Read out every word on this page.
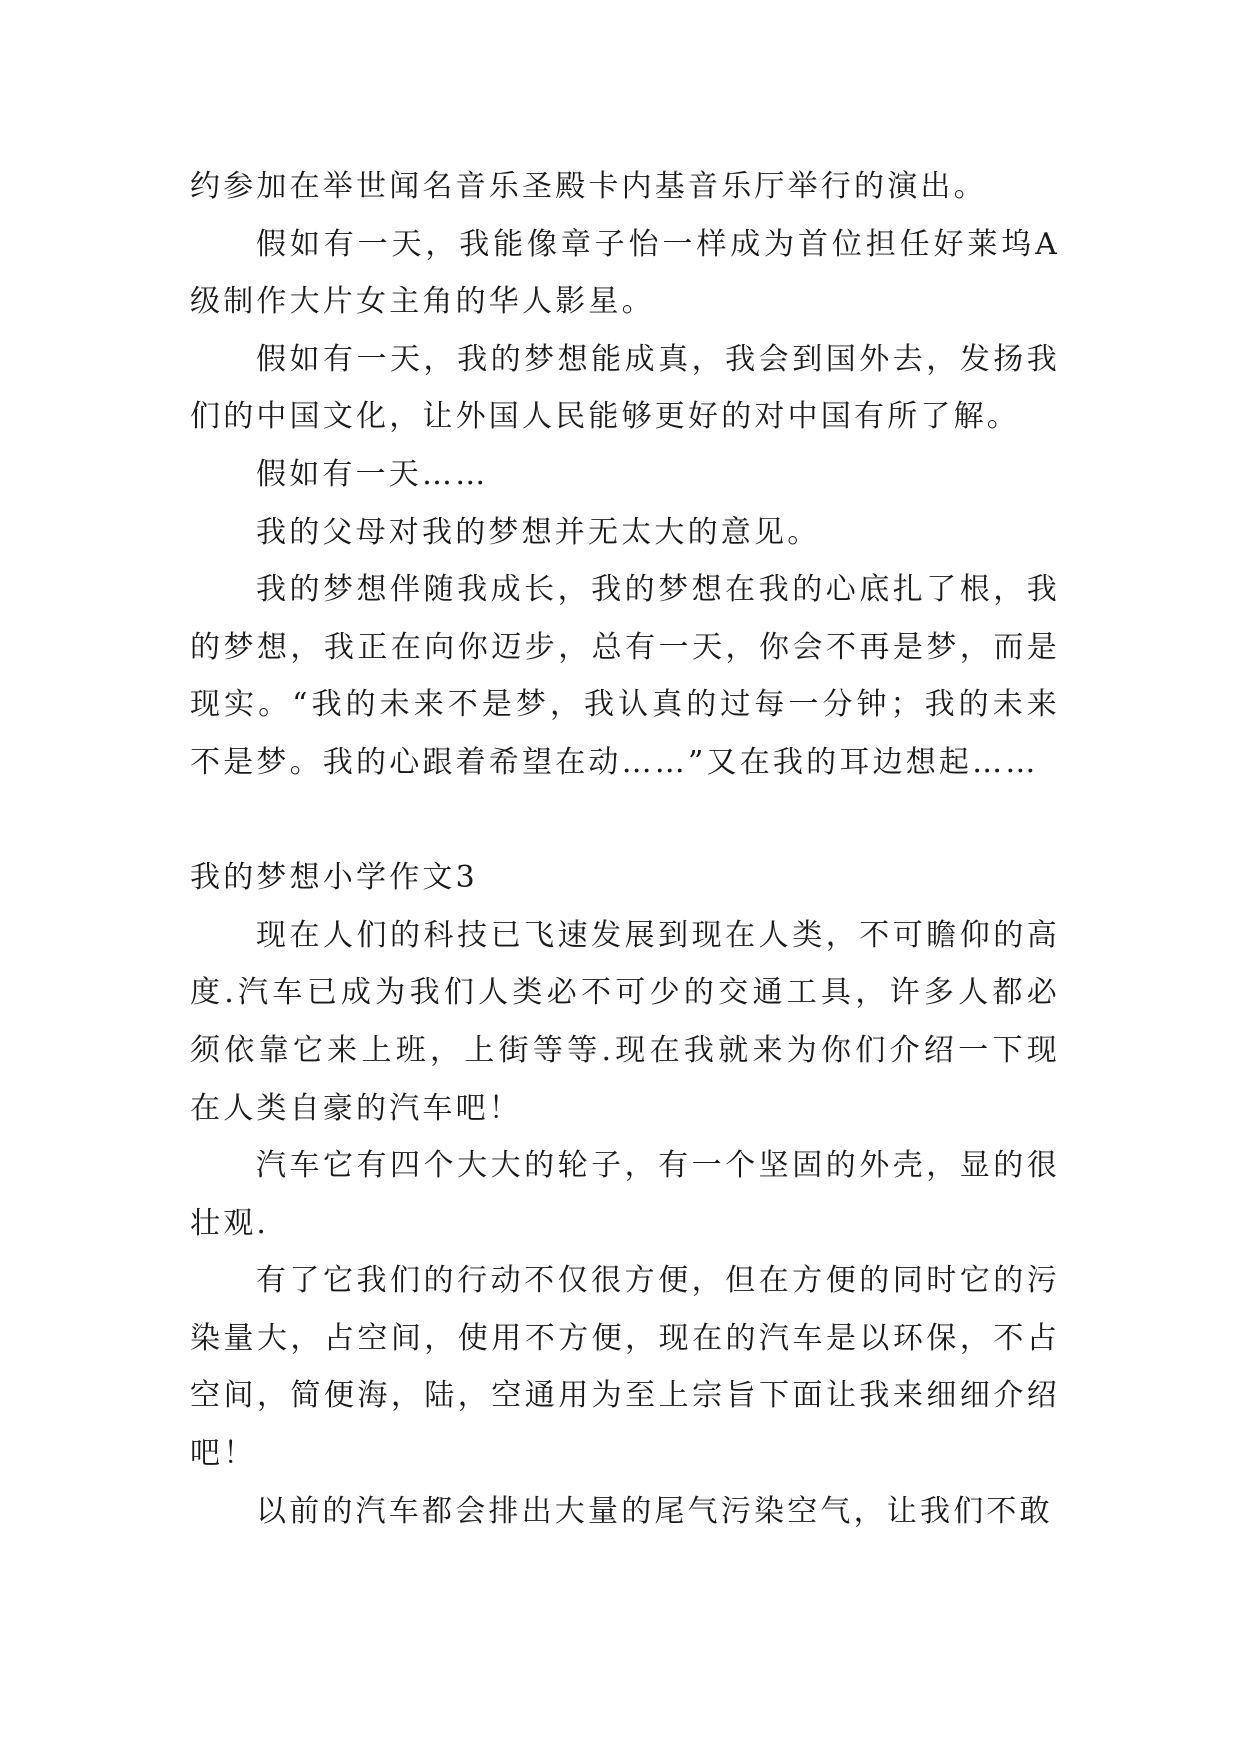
约参加在举世闻名音乐圣殿卡内基音乐厅举行的演出。

假如有一天，我能像章子怡一样成为首位担任好莱坞A级制作大片女主角的华人影星。

假如有一天，我的梦想能成真，我会到国外去，发扬我们的中国文化，让外国人民能够更好的对中国有所了解。

假如有一天……

我的父母对我的梦想并无太大的意见。

我的梦想伴随我成长，我的梦想在我的心底扎了根，我的梦想，我正在向你迈步，总有一天，你会不再是梦，而是现实。“我的未来不是梦，我认真的过每一分钟；我的未来不是梦。我的心跟着希望在动……”又在我的耳边想起……

我的梦想小学作文3

现在人们的科技已飞速发展到现在人类，不可瞻仰的高度.汽车已成为我们人类必不可少的交通工具，许多人都必须依靠它来上班，上街等等.现在我就来为你们介绍一下现在人类自豪的汽车吧！

汽车它有四个大大的轮子，有一个坚固的外壳，显的很壮观.

有了它我们的行动不仅很方便，但在方便的同时它的污染量大，占空间，使用不方便，现在的汽车是以环保，不占空间，简便海，陆，空通用为至上宗旨下面让我来细细介绍吧！

以前的汽车都会排出大量的尾气污染空气，让我们不敢
